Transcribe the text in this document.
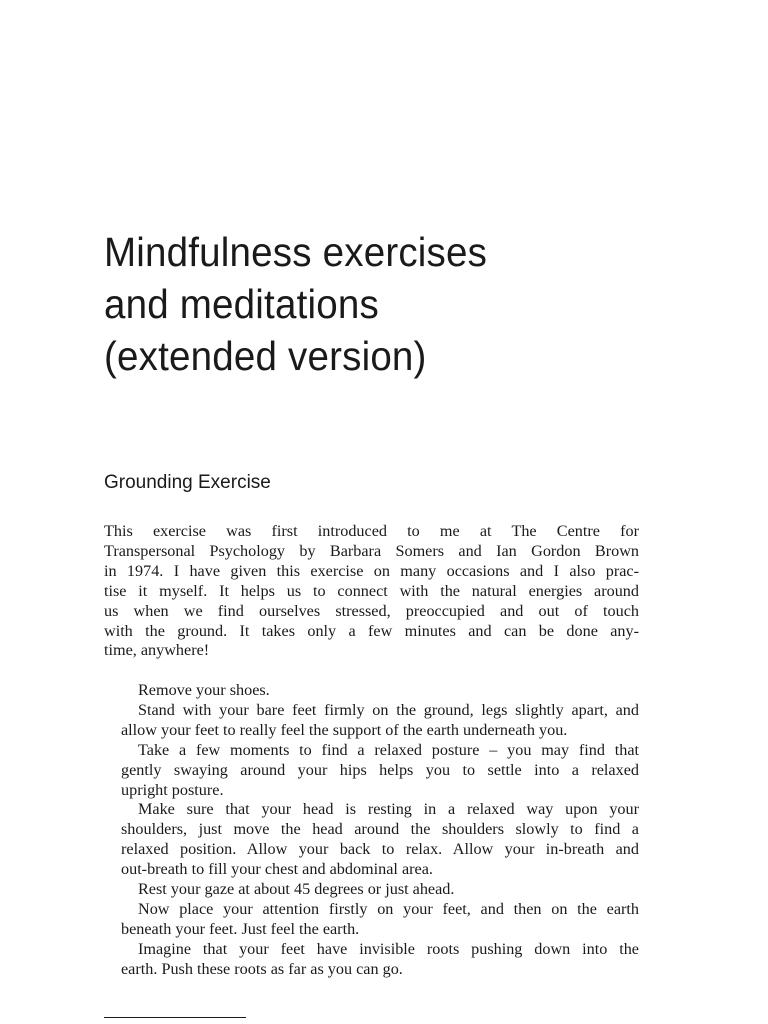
Mindfulness exercises
and meditations
(extended version)
Grounding Exercise

This exercise was first introduced to me at The Centre for
Transpersonal Psychology by Barbara Somers and Ian Gordon Brown
in 1974. I have given this exercise on many occasions and I also prac-
tise it myself. It helps us to connect with the natural energies around
us when we find ourselves stressed, preoccupied and out of touch
with the ground. It takes only a few minutes and can be done any-
time, anywhere!

Remove your shoes.

Stand with your bare feet firmly on the ground, legs slightly apart, and
allow your feet to really feel the support of the earth underneath you.

Take a few moments to find a relaxed posture – you may find that
gently swaying around your hips helps you to settle into a relaxed
upright posture.

Make sure that your head is resting in a relaxed way upon your
shoulders, just move the head around the shoulders slowly to find a
relaxed position. Allow your back to relax. Allow your in-breath and
out-breath to fill your chest and abdominal area.

Rest your gaze at about 45 degrees or just ahead.

Now place your attention firstly on your feet, and then on the earth
beneath your feet. Just feel the earth.

Imagine that your feet have invisible roots pushing down into the
earth. Push these roots as far as you can go.
